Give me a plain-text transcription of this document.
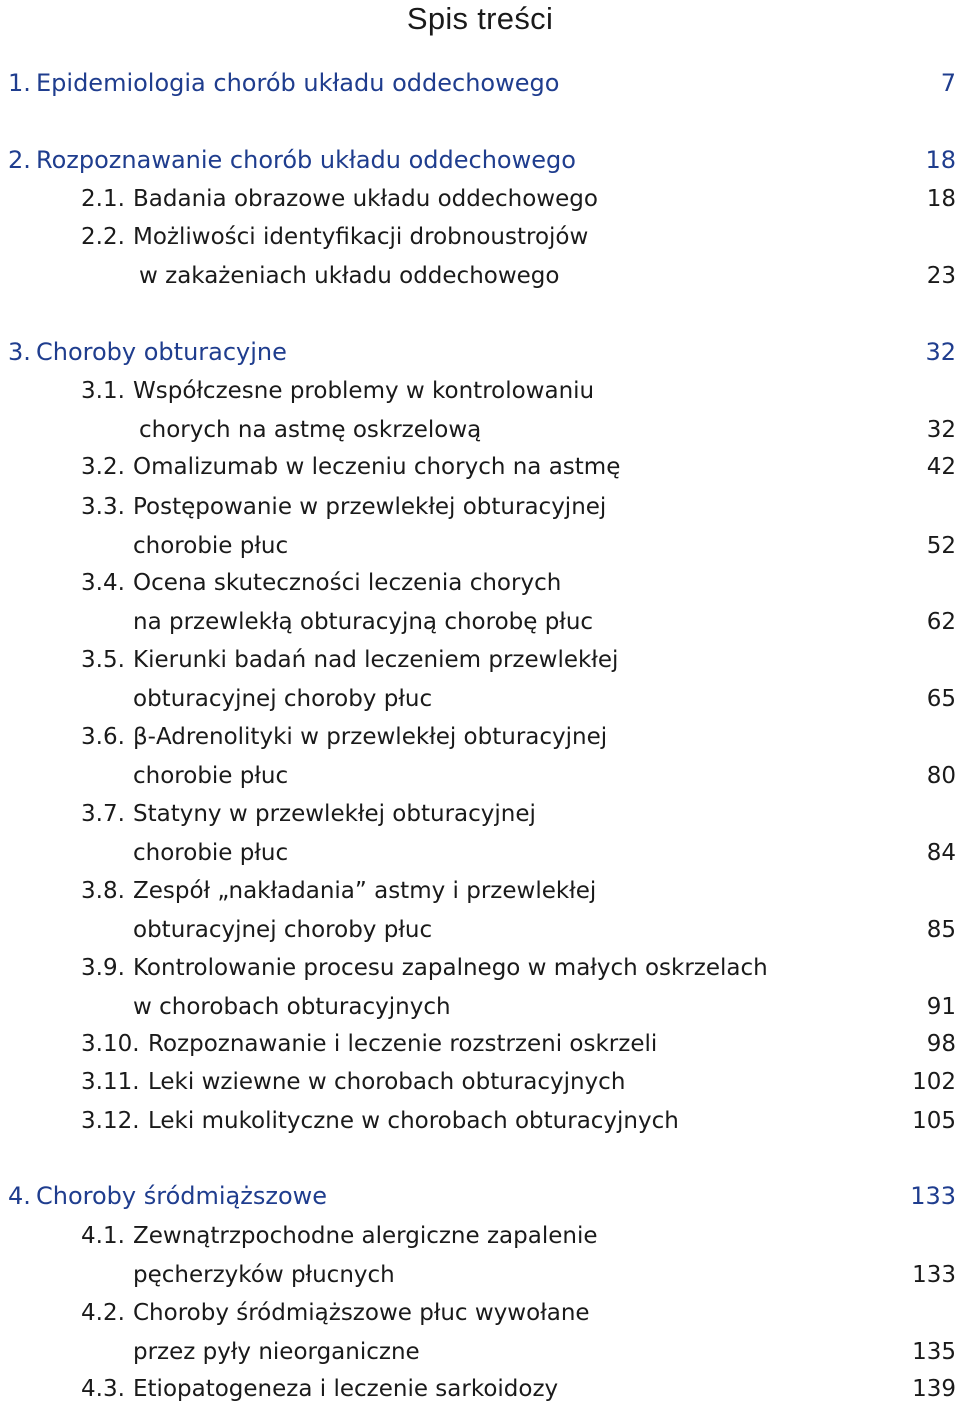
Spis treści
1. Epidemiologia chorób układu oddechowego	7
2. Rozpoznawanie chorób układu oddechowego	18
2.1. Badania obrazowe układu oddechowego	18
2.2. Możliwości identyfikacji drobnoustrojów
w zakażeniach układu oddechowego	23
3. Choroby obturacyjne	32
3.1. Współczesne problemy w kontrolowaniu
chorych na astmę oskrzelową	32
3.2. Omalizumab w leczeniu chorych na astmę	42
3.3. Postępowanie w przewlekłej obturacyjnej
chorobie płuc	52
3.4. Ocena skuteczności leczenia chorych
na przewlekłą obturacyjną chorobę płuc	62
3.5. Kierunki badań nad leczeniem przewlekłej
obturacyjnej choroby płuc	65
3.6. β-Adrenolityki w przewlekłej obturacyjnej
chorobie płuc	80
3.7. Statyny w przewlekłej obturacyjnej
chorobie płuc	84
3.8. Zespół „nakładania” astmy i przewlekłej
obturacyjnej choroby płuc	85
3.9. Kontrolowanie procesu zapalnego w małych oskrzelach
w chorobach obturacyjnych	91
3.10. Rozpoznawanie i leczenie rozstrzeni oskrzeli	98
3.11. Leki wziewne w chorobach obturacyjnych	102
3.12. Leki mukolityczne w chorobach obturacyjnych	105
4. Choroby śródmiąższowe	133
4.1. Zewnątrzpochodne alergiczne zapalenie
pęcherzyków płucnych	133
4.2. Choroby śródmiąższowe płuc wywołane
przez pyły nieorganiczne	135
4.3. Etiopatogeneza i leczenie sarkoidozy	139
